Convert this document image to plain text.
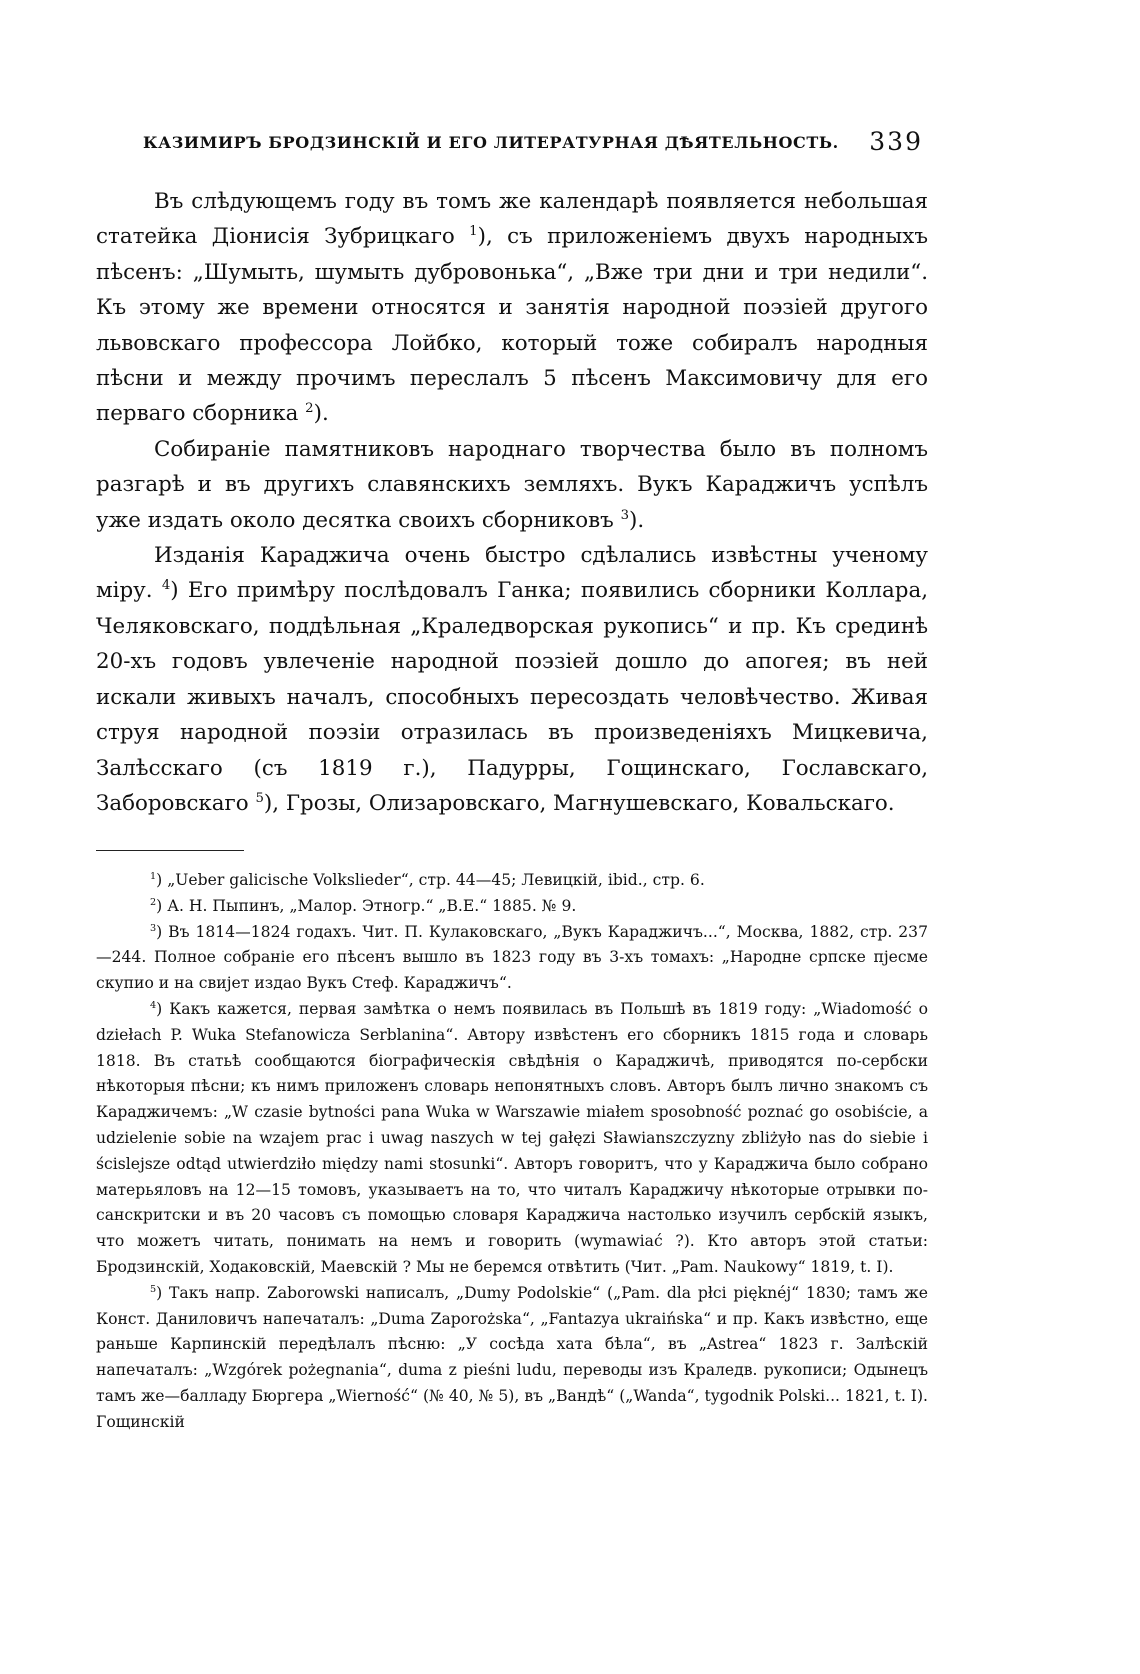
КАЗИМИРЪ БРОДЗИНСКІЙ И ЕГО ЛИТЕРАТУРНАЯ ДѢЯТЕЛЬНОСТЬ. 339

Въ слѣдующемъ году въ томъ же календарѣ появляется небольшая статейка Діонисія Зубрицкаго $^1$), съ приложеніемъ двухъ народныхъ пѣсенъ: „Шумыть, шумыть дубровонька“, „Вже три дни и три недили“. Къ этому же времени относятся и занятія народной поэзіей другого львовскаго профессора Лойбко, который тоже собиралъ народныя пѣсни и между прочимъ переслалъ 5 пѣсенъ Максимовичу для его перваго сборника $^2$).

Собираніе памятниковъ народнаго творчества было въ полномъ разгарѣ и въ другихъ славянскихъ земляхъ. Вукъ Караджичъ успѣлъ уже издать около десятка своихъ сборниковъ $^3$).

Изданія Караджича очень быстро сдѣлались извѣстны ученому міру. $^4$) Его примѣру послѣдовалъ Ганка; появились сборники Коллара, Челяковскаго, поддѣльная „Краледворская рукопись“ и пр. Къ срединѣ 20-хъ годовъ увлеченіе народной поэзіей дошло до апогея; въ ней искали живыхъ началъ, способныхъ пересоздать человѣчество. Живая струя народной поэзіи отразилась въ произведеніяхъ Мицкевича, Залѣсскаго (съ 1819 г.), Падурры, Гощинскаго, Гославскаго, Заборовскаго $^5$), Грозы, Олизаровскаго, Магнушевскаго, Ковальскаго.

$^1$) „Ueber galicische Volkslieder“, стр. 44—45; Левицкій, ibid., стр. 6.

$^2$) А. Н. Пыпинъ, „Малор. Этногр.“ „В.Е.“ 1885. № 9.

$^3$) Въ 1814—1824 годахъ. Чит. П. Кулаковскаго, „Вукъ Караджичъ...“, Москва, 1882, стр. 237—244. Полное собраніе его пѣсенъ вышло въ 1823 году въ 3-хъ томахъ: „Народне српске пjесме скупио и на свиjет издао Вукъ Стеф. Караджичъ“.

$^4$) Какъ кажется, первая замѣтка о немъ появилась въ Польшѣ въ 1819 году: „Wiadomość o dziełach P. Wuka Stefanowicza Serblanina“. Автору извѣстенъ его сборникъ 1815 года и словарь 1818. Въ статьѣ сообщаются біографическія свѣдѣнія о Караджичѣ, приводятся по-сербски нѣкоторыя пѣсни; къ нимъ приложенъ словарь непонятныхъ словъ. Авторъ былъ лично знакомъ съ Караджичемъ: „W czasie bytności pana Wuka w Warszawie miałem sposobność poznać go osobiście, a udzielenie sobie na wzajem prac i uwag naszych w tej gałęzi Sławianszczyzny zbliżyło nas do siebie i ścislejsze odtąd utwierdziło między nami stosunki“. Авторъ говоритъ, что у Караджича было собрано матерьяловъ на 12—15 томовъ, указываетъ на то, что читалъ Караджичу нѣкоторые отрывки по-санскритски и въ 20 часовъ съ помощью словаря Караджича настолько изучилъ сербскій языкъ, что можетъ читать, понимать на немъ и говорить (wymawiać ?). Кто авторъ этой статьи: Бродзинскій, Ходаковскій, Маевскій ? Мы не беремся отвѣтить (Чит. „Pam. Naukowy“ 1819, t. I).

$^5$) Такъ напр. Zaborowski написалъ, „Dumy Podolskie“ („Pam. dla płci pięknéj“ 1830; тамъ же Конст. Даниловичъ напечаталъ: „Duma Zaporożska“, „Fantazya ukraińska“ и пр. Какъ извѣстно, еще раньше Карпинскій передѣлалъ пѣсню: „У сосѣда хата бѣла“, въ „Astrea“ 1823 г. Залѣскій напечаталъ: „Wzgórek pożegnania“, duma z pieśni ludu, переводы изъ Краледв. рукописи; Одынецъ тамъ же—балладу Бюргера „Wierność“ (№ 40, № 5), въ „Вандѣ“ („Wanda“, tygodnik Polski... 1821, t. I). Гощинскій
